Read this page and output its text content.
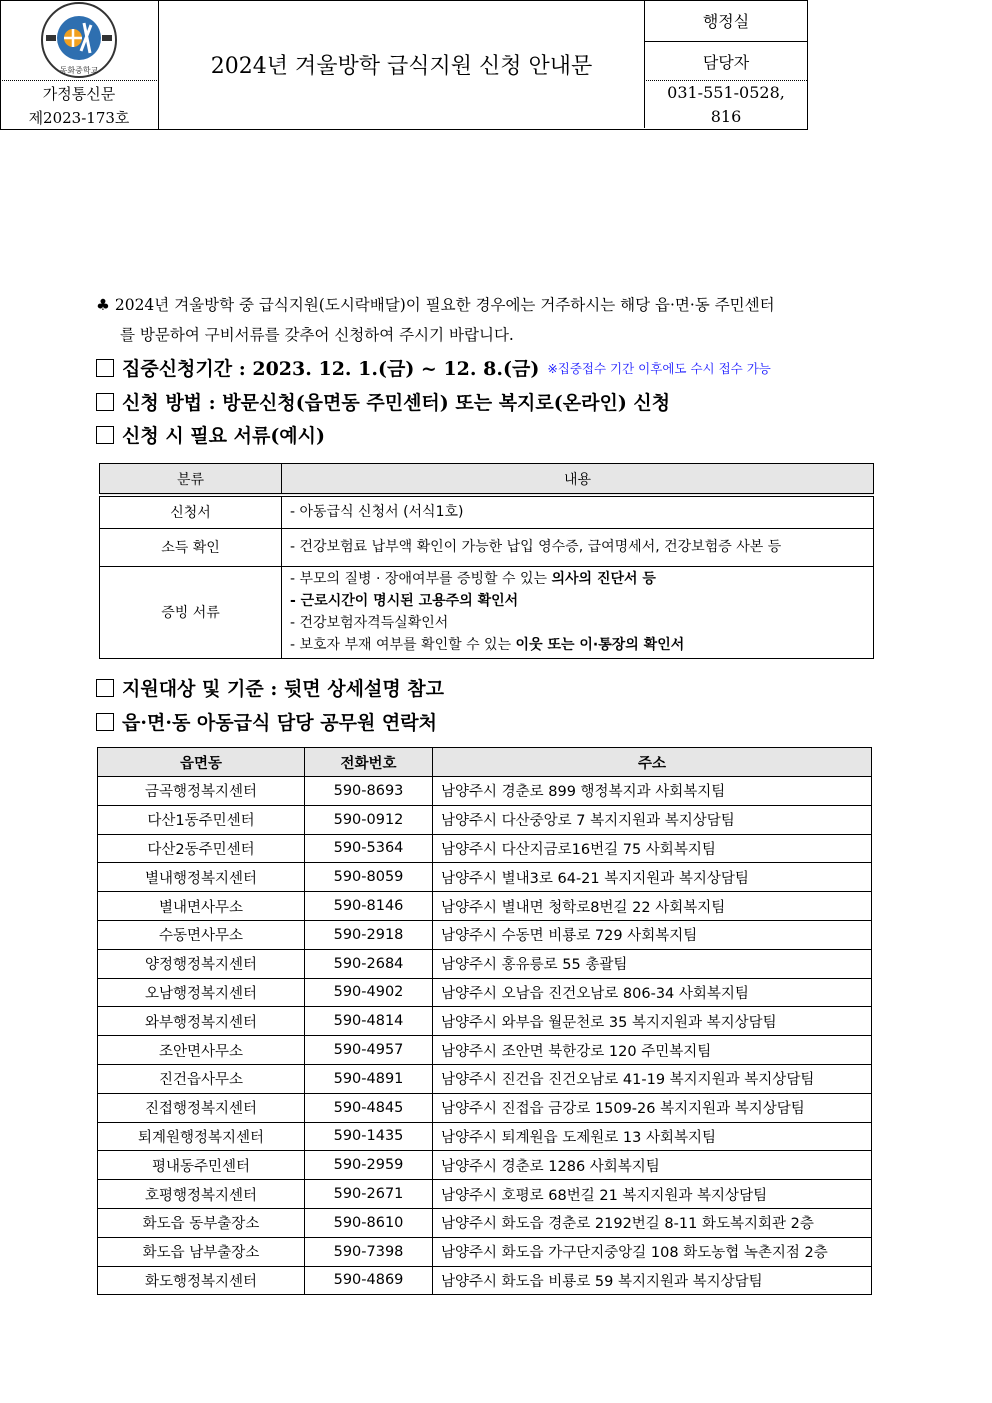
동화중학교
가정통신문
제2023-173호
2024년 겨울방학 급식지원 신청 안내문
행정실
담당자
031-551-0528,
816
♣ 2024년 겨울방학 중 급식지원(도시락배달)이 필요한 경우에는 거주하시는 해당 읍·면·동 주민센터
를 방문하여 구비서류를 갖추어 신청하여 주시기 바랍니다.
집중신청기간 : 2023. 12. 1.(금) ~ 12. 8.(금) ※집중접수 기간 이후에도 수시 접수 가능
신청 방법 : 방문신청(읍면동 주민센터) 또는 복지로(온라인) 신청
신청 시 필요 서류(예시)
분류	내용
신청서	- 아동급식 신청서 (서식1호)

소득 확인	- 건강보험료 납부액 확인이 가능한 납입 영수증, 급여명세서, 건강보험증 사본 등

증빙 서류	- 부모의 질병 · 장애여부를 증빙할 수 있는 의사의 진단서 등
- 근로시간이 명시된 고용주의 확인서
- 건강보험자격득실확인서
- 보호자 부재 여부를 확인할 수 있는 이웃 또는 이·통장의 확인서
지원대상 및 기준 : 뒷면 상세설명 참고
읍·면·동 아동급식 담당 공무원 연락처
읍면동	전화번호	주소
금곡행정복지센터	590-8693	남양주시 경춘로 899 행정복지과 사회복지팀
다산1동주민센터	590-0912	남양주시 다산중앙로 7 복지지원과 복지상담팀
다산2동주민센터	590-5364	남양주시 다산지금로16번길 75 사회복지팀
별내행정복지센터	590-8059	남양주시 별내3로 64-21 복지지원과 복지상담팀
별내면사무소	590-8146	남양주시 별내면 청학로8번길 22 사회복지팀
수동면사무소	590-2918	남양주시 수동면 비룡로 729 사회복지팀
양정행정복지센터	590-2684	남양주시 홍유릉로 55 총괄팀
오남행정복지센터	590-4902	남양주시 오남읍 진건오남로 806-34 사회복지팀
와부행정복지센터	590-4814	남양주시 와부읍 월문천로 35 복지지원과 복지상담팀
조안면사무소	590-4957	남양주시 조안면 북한강로 120 주민복지팀
진건읍사무소	590-4891	남양주시 진건읍 진건오남로 41-19 복지지원과 복지상담팀
진접행정복지센터	590-4845	남양주시 진접읍 금강로 1509-26 복지지원과 복지상담팀
퇴계원행정복지센터	590-1435	남양주시 퇴계원읍 도제원로 13 사회복지팀
평내동주민센터	590-2959	남양주시 경춘로 1286 사회복지팀
호평행정복지센터	590-2671	남양주시 호평로 68번길 21 복지지원과 복지상담팀
화도읍 동부출장소	590-8610	남양주시 화도읍 경춘로 2192번길 8-11 화도복지회관 2층
화도읍 남부출장소	590-7398	남양주시 화도읍 가구단지중앙길 108 화도농협 녹촌지점 2층
화도행정복지센터	590-4869	남양주시 화도읍 비룡로 59 복지지원과 복지상담팀
